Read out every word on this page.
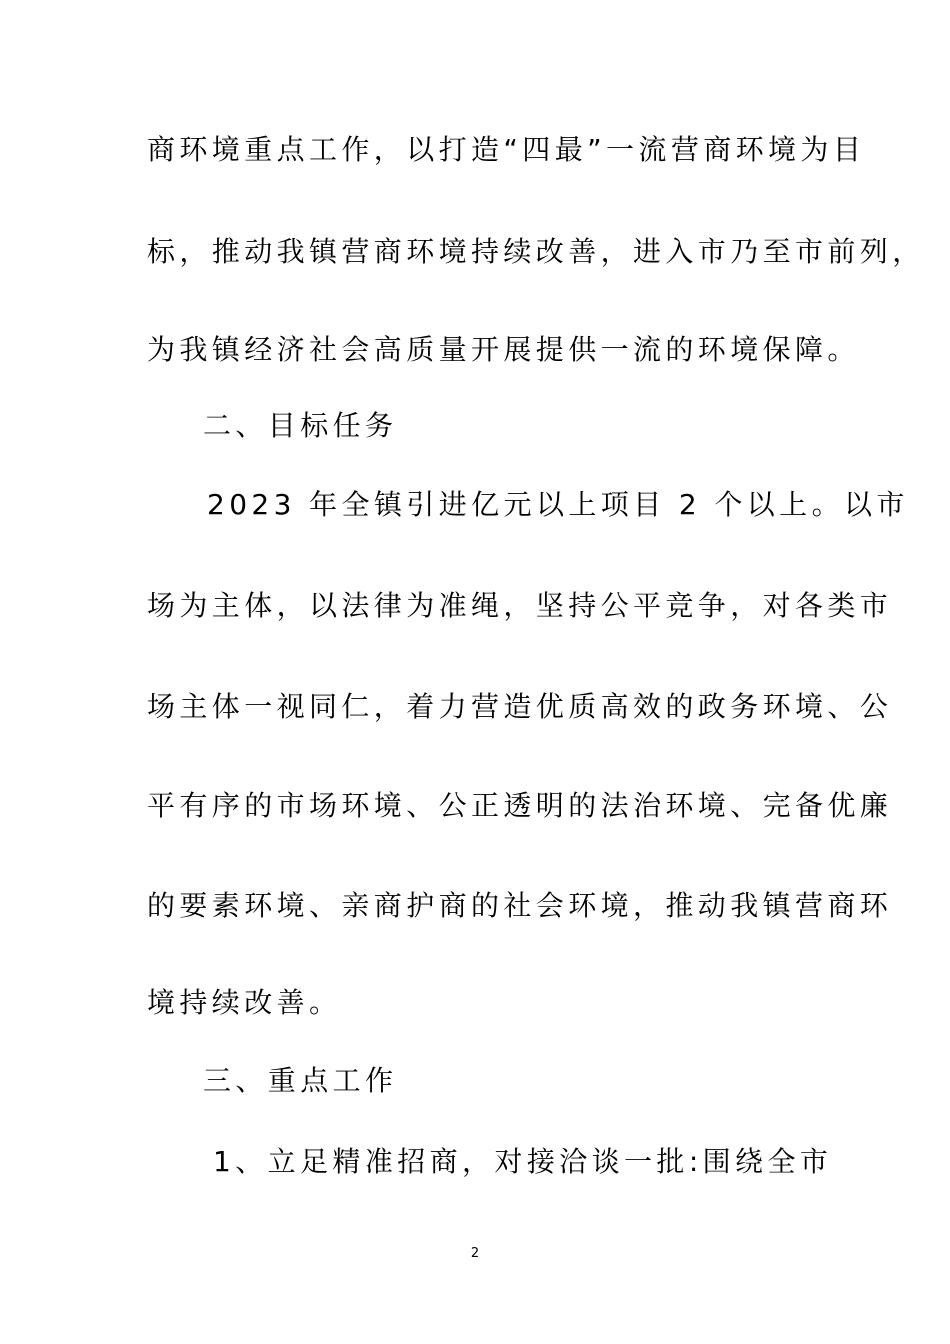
商环境重点工作，以打造“四最”一流营商环境为目
标，推动我镇营商环境持续改善，进入市乃至市前列，
为我镇经济社会高质量开展提供一流的环境保障。
二、目标任务
2023 年全镇引进亿元以上项目 2 个以上。以市
场为主体，以法律为准绳，坚持公平竞争，对各类市
场主体一视同仁，着力营造优质高效的政务环境、公
平有序的市场环境、公正透明的法治环境、完备优廉
的要素环境、亲商护商的社会环境，推动我镇营商环
境持续改善。
三、重点工作
1、立足精准招商，对接洽谈一批:围绕全市
2
